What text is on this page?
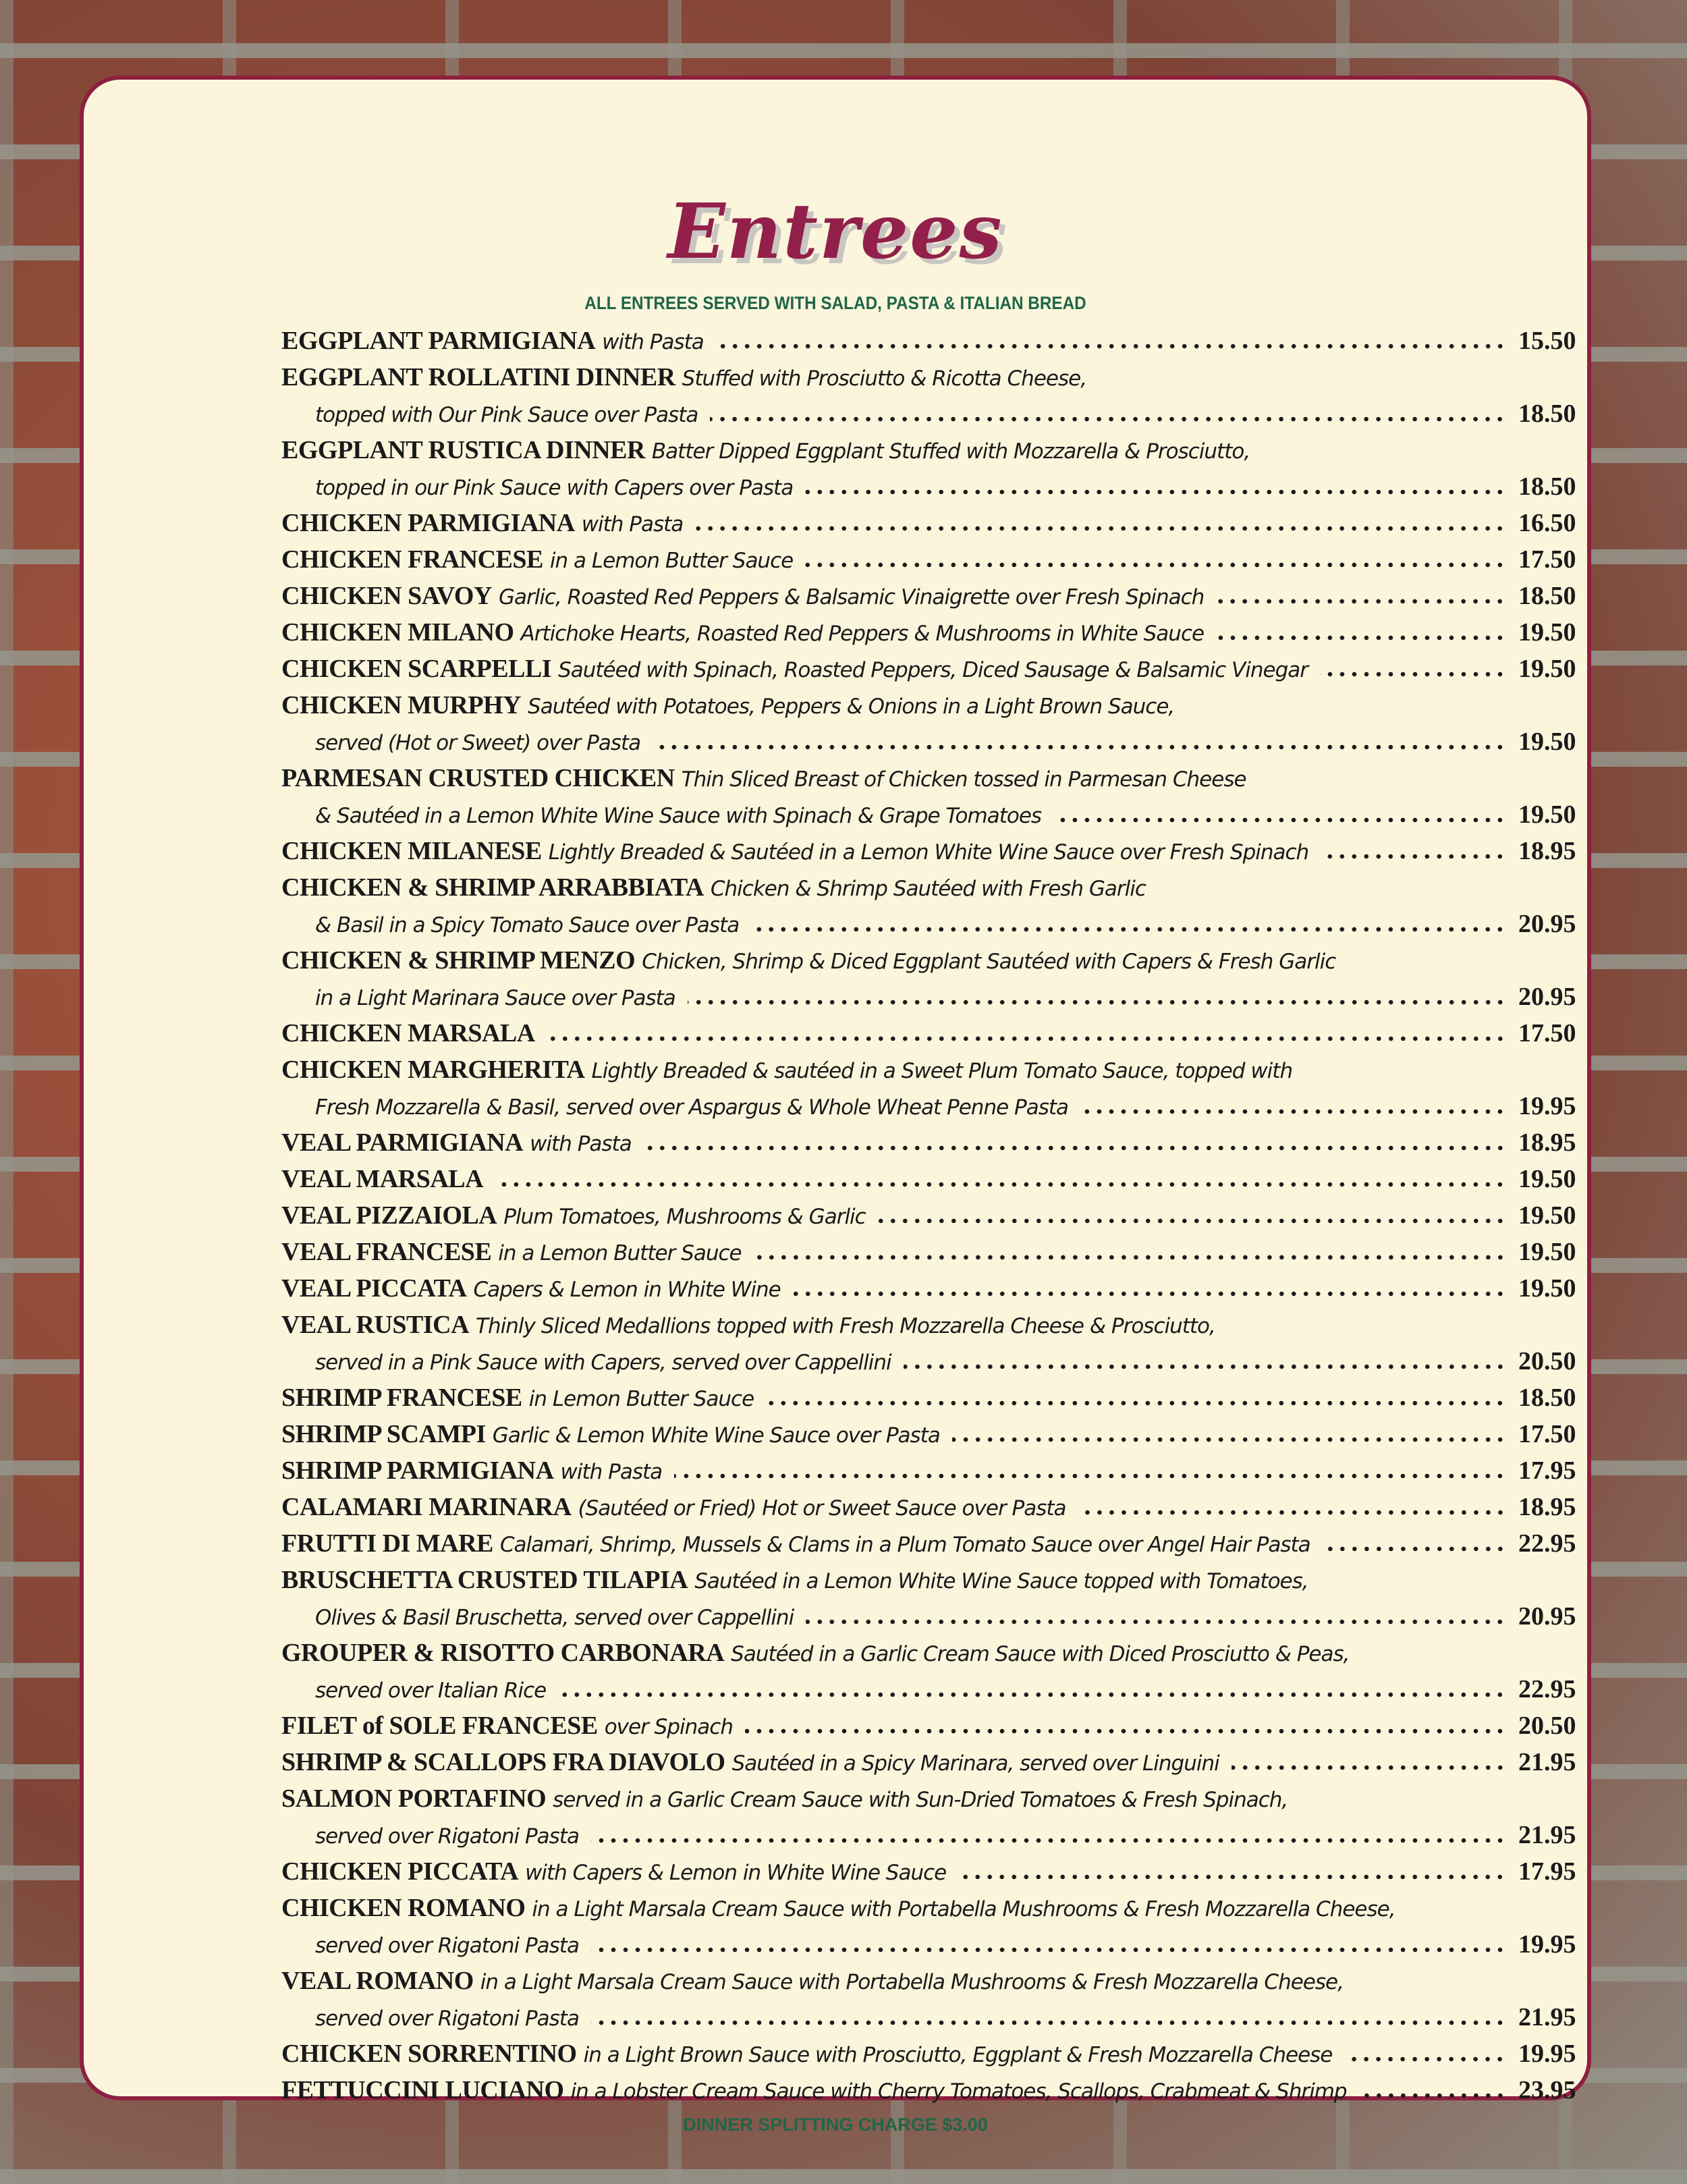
Entrees
ALL ENTREES SERVED WITH SALAD, PASTA & ITALIAN BREAD
EGGPLANT PARMIGIANA with Pasta	15.50
EGGPLANT ROLLATINI DINNER Stuffed with Prosciutto & Ricotta Cheese,
topped with Our Pink Sauce over Pasta	18.50
EGGPLANT RUSTICA DINNER Batter Dipped Eggplant Stuffed with Mozzarella & Prosciutto,
topped in our Pink Sauce with Capers over Pasta	18.50
CHICKEN PARMIGIANA with Pasta	16.50
CHICKEN FRANCESE in a Lemon Butter Sauce	17.50
CHICKEN SAVOY Garlic, Roasted Red Peppers & Balsamic Vinaigrette over Fresh Spinach	18.50
CHICKEN MILANO Artichoke Hearts, Roasted Red Peppers & Mushrooms in White Sauce	19.50
CHICKEN SCARPELLI Sautéed with Spinach, Roasted Peppers, Diced Sausage & Balsamic Vinegar	19.50
CHICKEN MURPHY Sautéed with Potatoes, Peppers & Onions in a Light Brown Sauce,
served (Hot or Sweet) over Pasta	19.50
PARMESAN CRUSTED CHICKEN Thin Sliced Breast of Chicken tossed in Parmesan Cheese
& Sautéed in a Lemon White Wine Sauce with Spinach & Grape Tomatoes	19.50
CHICKEN MILANESE Lightly Breaded & Sautéed in a Lemon White Wine Sauce over Fresh Spinach	18.95
CHICKEN & SHRIMP ARRABBIATA Chicken & Shrimp Sautéed with Fresh Garlic
& Basil in a Spicy Tomato Sauce over Pasta	20.95
CHICKEN & SHRIMP MENZO Chicken, Shrimp & Diced Eggplant Sautéed with Capers & Fresh Garlic
in a Light Marinara Sauce over Pasta	20.95
CHICKEN MARSALA	17.50
CHICKEN MARGHERITA Lightly Breaded & sautéed in a Sweet Plum Tomato Sauce, topped with
Fresh Mozzarella & Basil, served over Aspargus & Whole Wheat Penne Pasta	19.95
VEAL PARMIGIANA with Pasta	18.95
VEAL MARSALA	19.50
VEAL PIZZAIOLA Plum Tomatoes, Mushrooms & Garlic	19.50
VEAL FRANCESE in a Lemon Butter Sauce	19.50
VEAL PICCATA Capers & Lemon in White Wine	19.50
VEAL RUSTICA Thinly Sliced Medallions topped with Fresh Mozzarella Cheese & Prosciutto,
served in a Pink Sauce with Capers, served over Cappellini	20.50
SHRIMP FRANCESE in Lemon Butter Sauce	18.50
SHRIMP SCAMPI Garlic & Lemon White Wine Sauce over Pasta	17.50
SHRIMP PARMIGIANA with Pasta	17.95
CALAMARI MARINARA (Sautéed or Fried) Hot or Sweet Sauce over Pasta	18.95
FRUTTI DI MARE Calamari, Shrimp, Mussels & Clams in a Plum Tomato Sauce over Angel Hair Pasta	22.95
BRUSCHETTA CRUSTED TILAPIA Sautéed in a Lemon White Wine Sauce topped with Tomatoes,
Olives & Basil Bruschetta, served over Cappellini	20.95
GROUPER & RISOTTO CARBONARA Sautéed in a Garlic Cream Sauce with Diced Prosciutto & Peas,
served over Italian Rice	22.95
FILET of SOLE FRANCESE over Spinach	20.50
SHRIMP & SCALLOPS FRA DIAVOLO Sautéed in a Spicy Marinara, served over Linguini	21.95
SALMON PORTAFINO served in a Garlic Cream Sauce with Sun-Dried Tomatoes & Fresh Spinach,
served over Rigatoni Pasta	21.95
CHICKEN PICCATA with Capers & Lemon in White Wine Sauce	17.95
CHICKEN ROMANO in a Light Marsala Cream Sauce with Portabella Mushrooms & Fresh Mozzarella Cheese,
served over Rigatoni Pasta	19.95
VEAL ROMANO in a Light Marsala Cream Sauce with Portabella Mushrooms & Fresh Mozzarella Cheese,
served over Rigatoni Pasta	21.95
CHICKEN SORRENTINO in a Light Brown Sauce with Prosciutto, Eggplant & Fresh Mozzarella Cheese	19.95
FETTUCCINI LUCIANO in a Lobster Cream Sauce with Cherry Tomatoes, Scallops, Crabmeat & Shrimp	23.95
DINNER SPLITTING CHARGE $3.00
